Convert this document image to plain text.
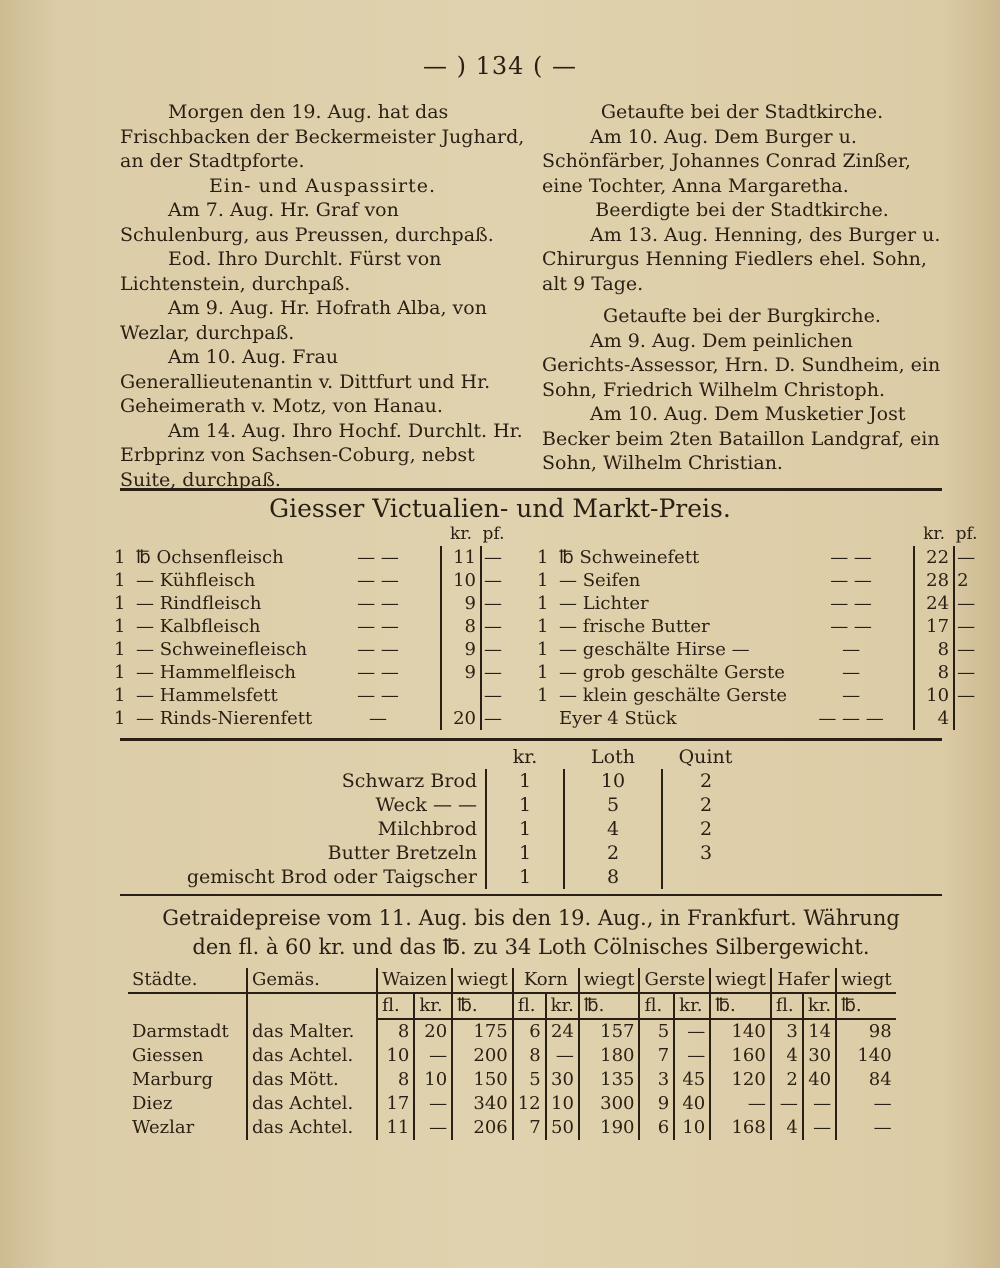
— ) 134 ( —

Morgen den 19. Aug. hat das Frischbacken der Beckermeister Jughard, an der Stadtpforte.

Ein- und Auspassirte.

Am 7. Aug. Hr. Graf von Schulenburg, aus Preussen, durchpaß.

Eod. Ihro Durchlt. Fürst von Lichtenstein, durchpaß.

Am 9. Aug. Hr. Hofrath Alba, von Wezlar, durchpaß.

Am 10. Aug. Frau Generallieutenantin v. Dittfurt und Hr. Geheimerath v. Motz, von Hanau.

Am 14. Aug. Ihro Hochf. Durchlt. Hr. Erbprinz von Sachsen-Coburg, nebst Suite, durchpaß.

Getaufte bei der Stadtkirche.

Am 10. Aug. Dem Burger u. Schönfärber, Johannes Conrad Zinßer, eine Tochter, Anna Margaretha.

Beerdigte bei der Stadtkirche.

Am 13. Aug. Henning, des Burger u. Chirurgus Henning Fiedlers ehel. Sohn, alt 9 Tage.

Getaufte bei der Burgkirche.

Am 9. Aug. Dem peinlichen Gerichts-Assessor, Hrn. D. Sundheim, ein Sohn, Friedrich Wilhelm Christoph.

Am 10. Aug. Dem Musketier Jost Becker beim 2ten Bataillon Landgraf, ein Sohn, Wilhelm Christian.

Giesser Victualien- und Markt-Preis.
			kr.	pf.
1	℔ Ochsenfleisch	— —	11	—
1	— Kühfleisch	— —	10	—
1	— Rindfleisch	— —	9	—
1	— Kalbfleisch	— —	8	—
1	— Schweinefleisch	— —	9	—
1	— Hammelfleisch	— —	9	—
1	— Hammelsfett	— —		—
1	— Rinds-Nierenfett	—	20	—
			kr.	pf.
1	℔ Schweinefett	— —	22	—
1	— Seifen	— —	28	2
1	— Lichter	— —	24	—
1	— frische Butter	— —	17	—
1	— geschälte Hirse —	—	8	—
1	— grob geschälte Gerste	—	8	—
1	— klein geschälte Gerste	—	10	—
	Eyer 4 Stück	— — —	4	
	kr.	Loth	Quint
Schwarz Brod	1	10	2
Weck — —	1	5	2
Milchbrod	1	4	2
Butter Bretzeln	1	2	3
gemischt Brod oder Taigscher	1	8	
Getraidepreise vom 11. Aug. bis den 19. Aug., in Frankfurt. Währung
den fl. à 60 kr. und das ℔. zu 34 Loth Cölnisches Silbergewicht.
Städte.	Gemäs.	Waizen		wiegt	Korn		wiegt	Gerste		wiegt	Hafer		wiegt
		fl.	kr.	℔.	fl.	kr.	℔.	fl.	kr.	℔.	fl.	kr.	℔.
Darmstadt	das Malter.	8	20	175	6	24	157	5	—	140	3	14	98
Giessen	das Achtel.	10	—	200	8	—	180	7	—	160	4	30	140
Marburg	das Mött.	8	10	150	5	30	135	3	45	120	2	40	84
Diez	das Achtel.	17	—	340	12	10	300	9	40	—	—	—	—
Wezlar	das Achtel.	11	—	206	7	50	190	6	10	168	4	—	—
